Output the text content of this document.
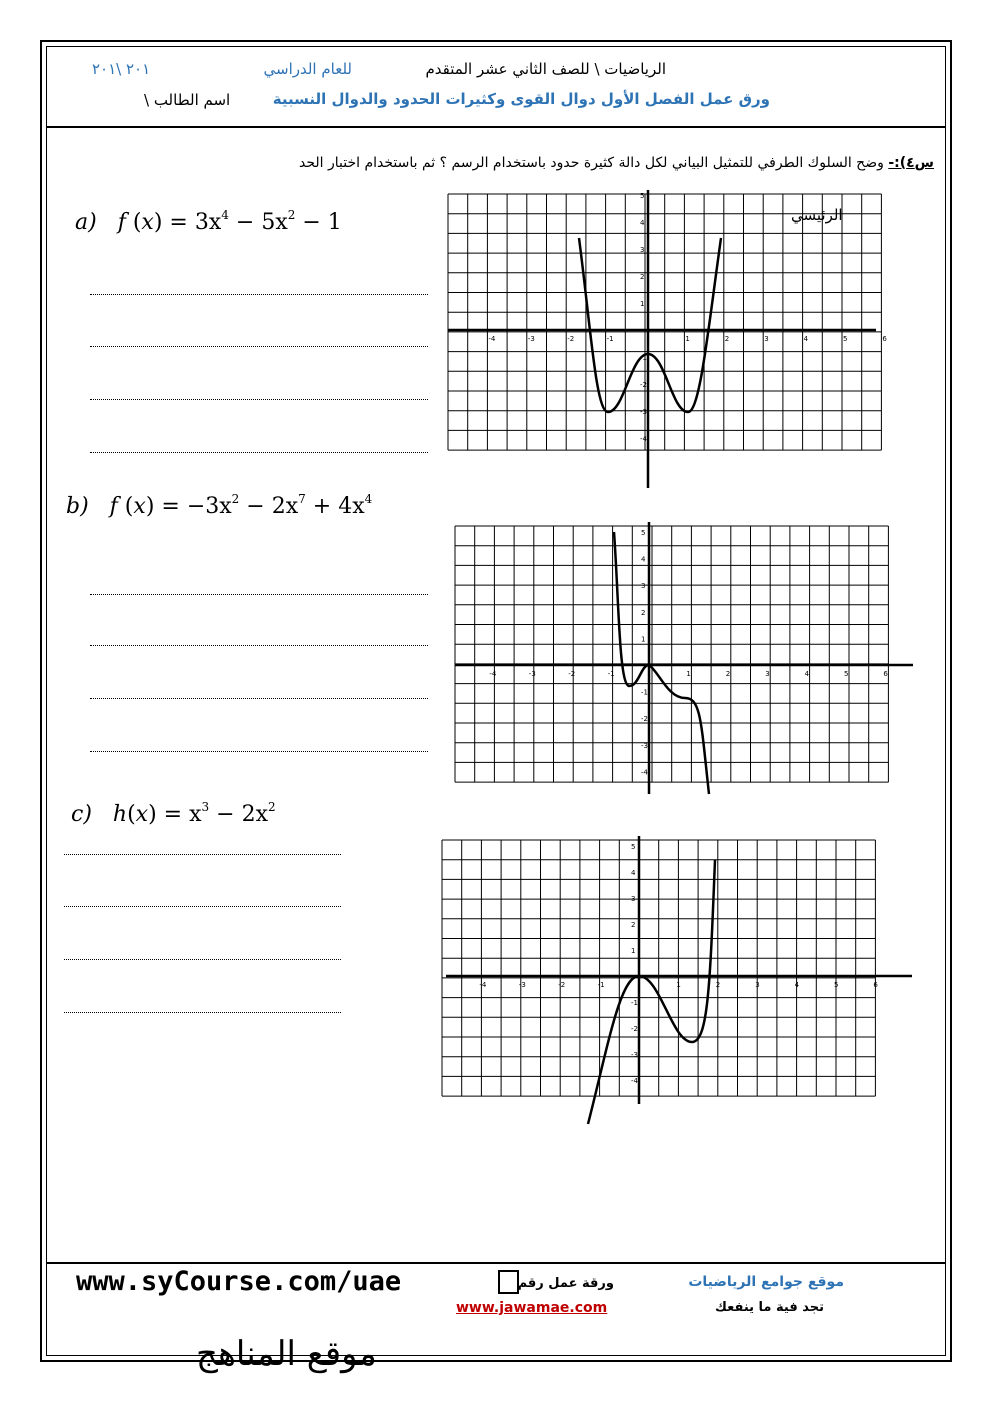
الرياضيات \ للصف الثاني عشر المتقدم
للعام الدراسي
٢٠١ \٢٠١
ورق عمل الفصل الأول دوال القوى وكثيرات الحدود والدوال النسبية
اسم الطالب \
س٤):- وضح السلوك الطرفي للتمثيل البياني لكل دالة كثيرة حدود باستخدام الرسم ؟ ثم باستخدام اختبار الحد
a) f $(x) = 3x^4 - 5x^2 - 1$
b) f $(x) = -3x^2 - 2x^7 + 4x^4$
c) $h(x) = x^3 - 2x^2$
-4	-3	-2	-1	1	2	3	4	5	6
5
4
3
2
1
-1
-2
-3
-4
الرئيسي
-4	-3	-2	-1	1	2	3	4	5	6
5
4
3
2
1
-1
-2
-3
-4
-4	-3	-2	-1	1	2	3	4	5	6
5
4
3
2
1
-1
-2
-3
-4
www.syCourse.com/uae	ورقة عمل رقم	موقع جوامع الرياضيات
www.jawamae.com	تجد فية ما ينفعك
موقع المناهج
